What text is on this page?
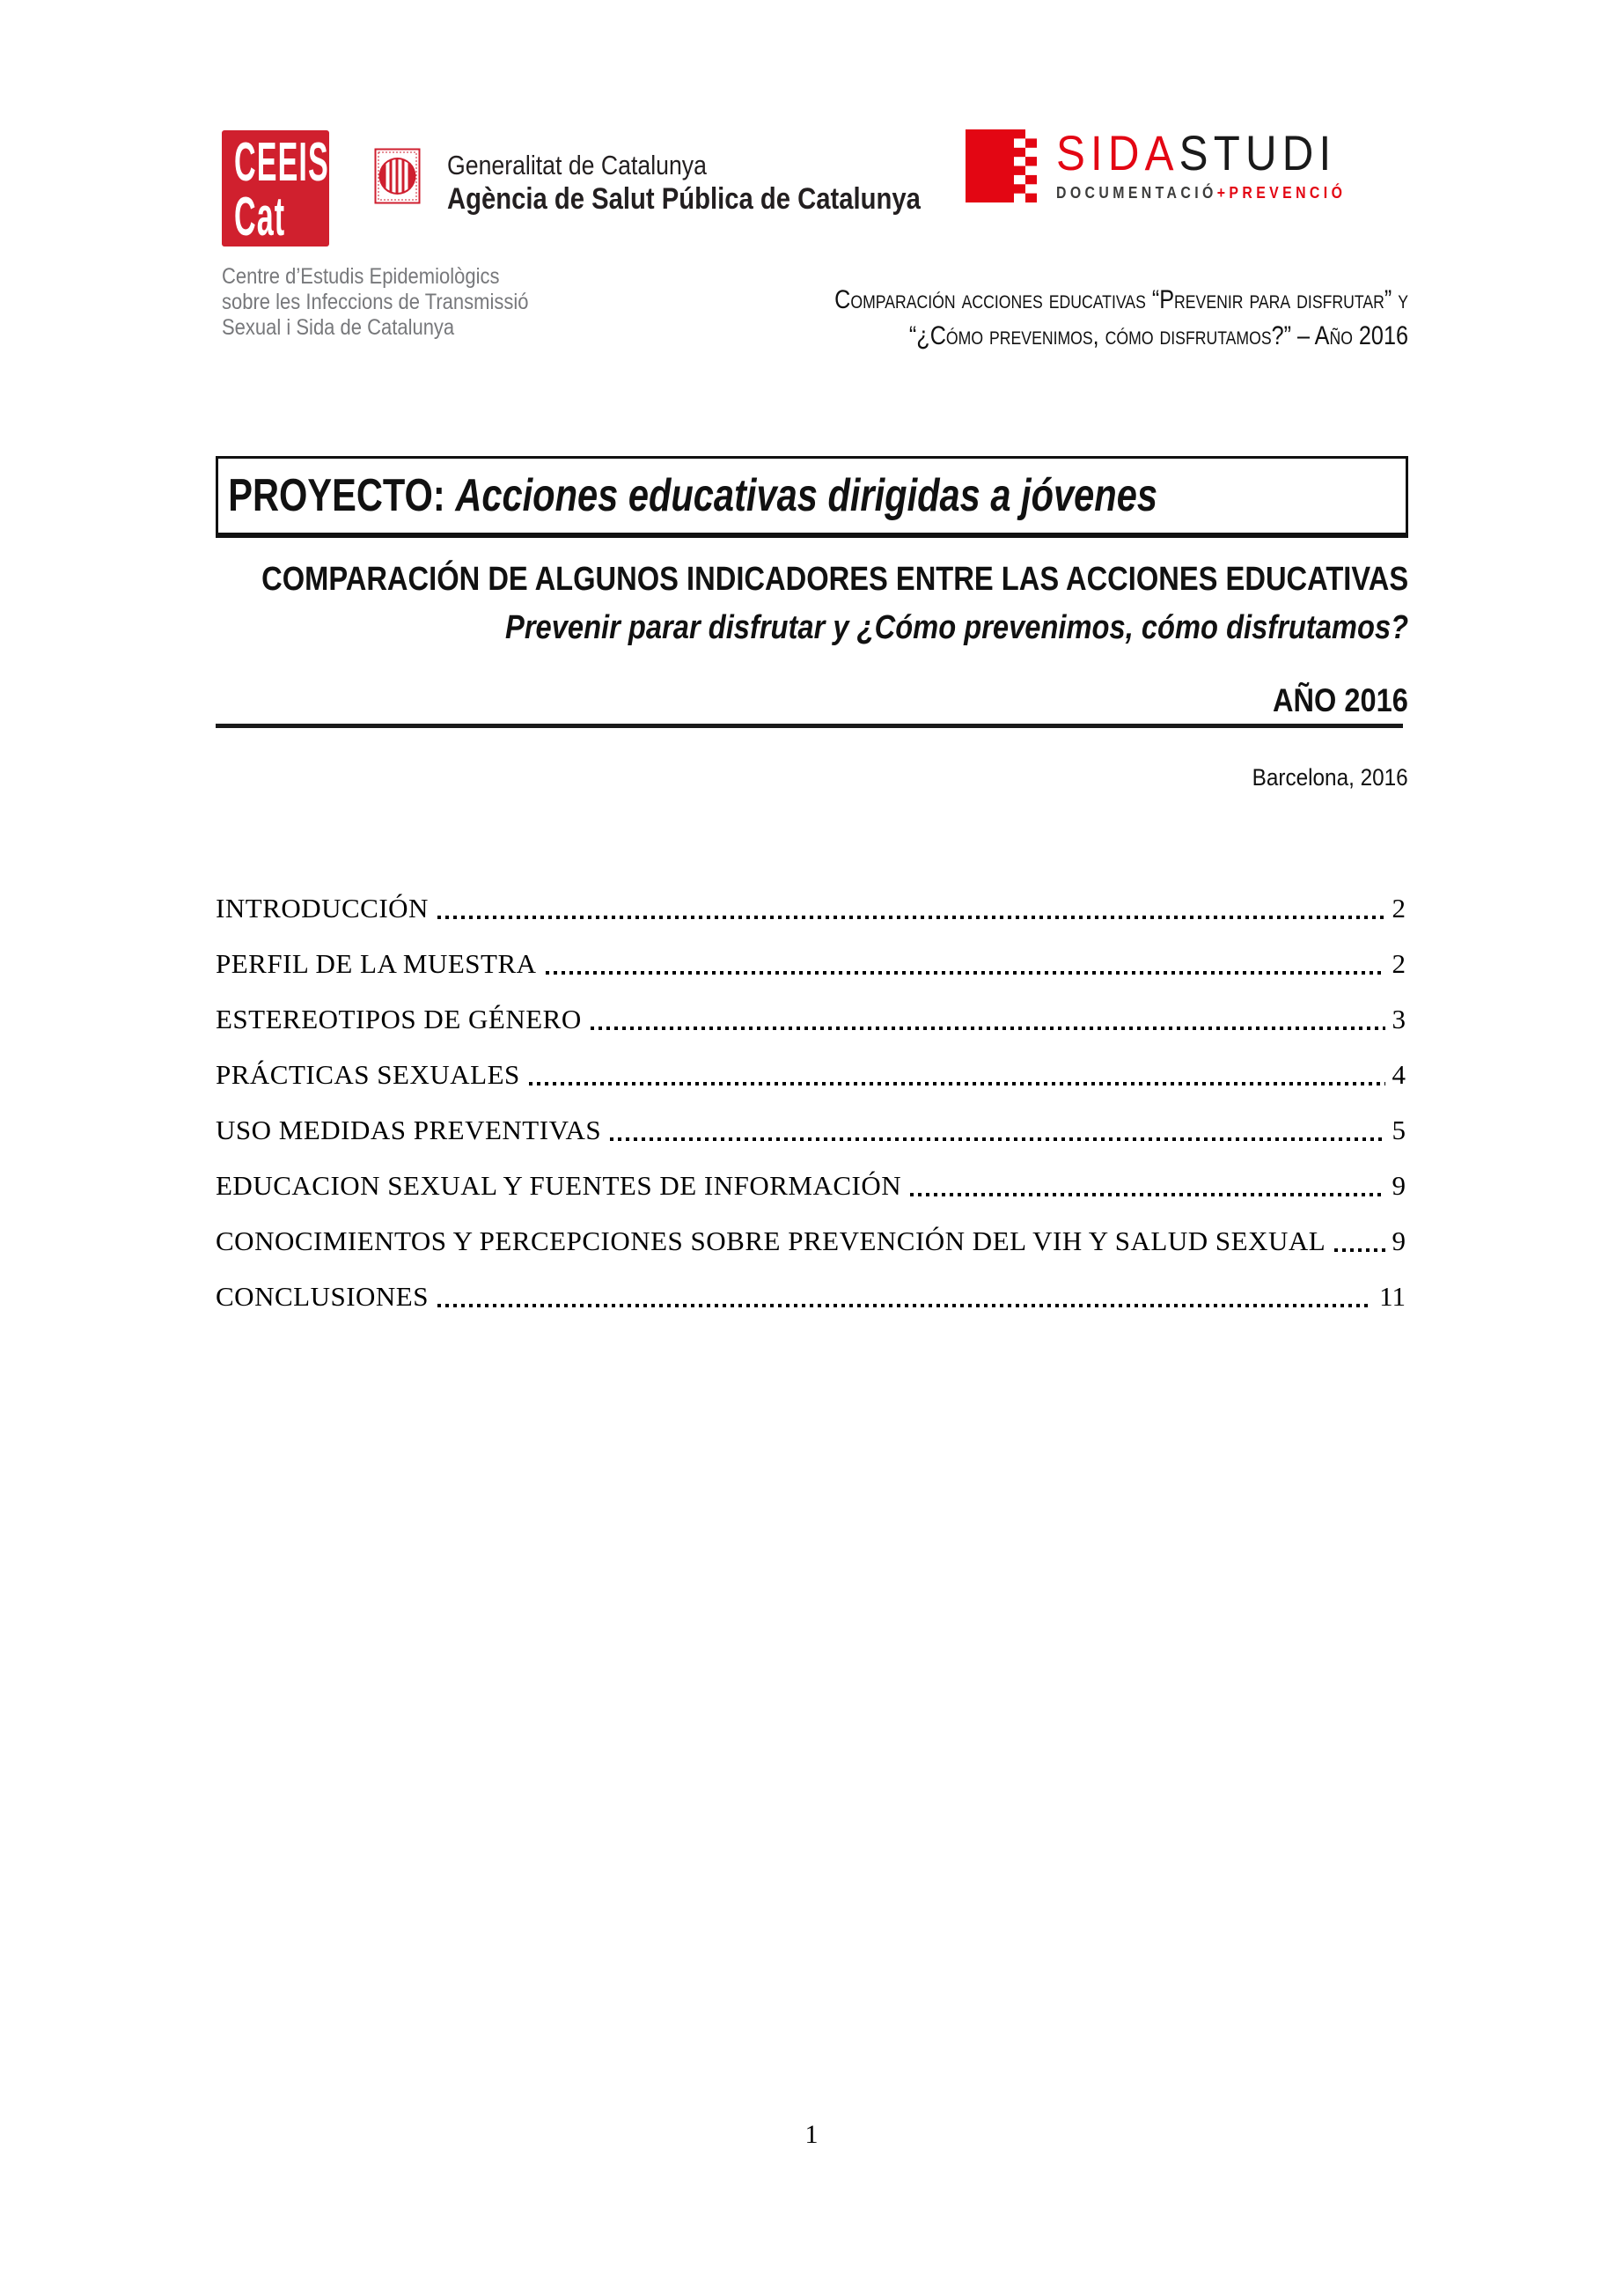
CEEIS
Cat
Centre d’Estudis Epidemiològics
sobre les Infeccions de Transmissió
Sexual i Sida de Catalunya
Generalitat de Catalunya
Agència de Salut Pública de Catalunya
SIDASTUDI
DOCUMENTACIÓ+PREVENCIÓ
Comparación acciones educativas “Prevenir para disfrutar” y
“¿Cómo prevenimos, cómo disfrutamos?” – Año 2016
PROYECTO: Acciones educativas dirigidas a jóvenes
COMPARACIÓN DE ALGUNOS INDICADORES ENTRE LAS ACCIONES EDUCATIVAS
Prevenir parar disfrutar y ¿Cómo prevenimos, cómo disfrutamos?
AÑO 2016
Barcelona, 2016
INTRODUCCIÓN	2
PERFIL DE LA MUESTRA	2
ESTEREOTIPOS DE GÉNERO	3
PRÁCTICAS SEXUALES	4
USO MEDIDAS PREVENTIVAS	5
EDUCACION SEXUAL Y FUENTES DE INFORMACIÓN	9
CONOCIMIENTOS Y PERCEPCIONES SOBRE PREVENCIÓN DEL VIH Y SALUD SEXUAL 9
CONCLUSIONES	11
1
